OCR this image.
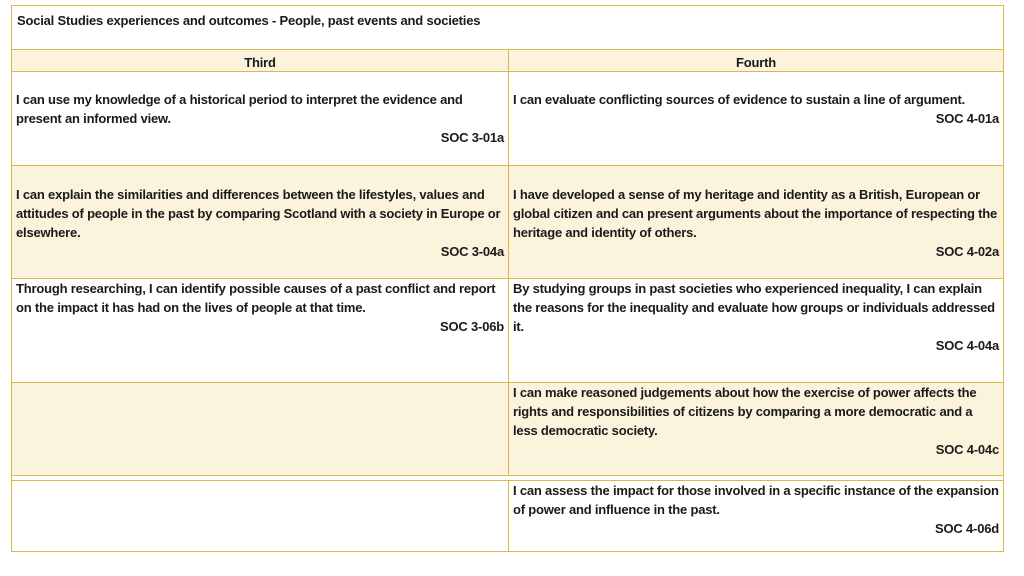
Social Studies experiences and outcomes - People, past events and societies
Third	Fourth
I can use my knowledge of a historical period to interpret the evidence and present an informed view.
SOC 3-01a
I can evaluate conflicting sources of evidence to sustain a line of argument.
SOC 4-01a
I can explain the similarities and differences between the lifestyles, values and attitudes of people in the past by comparing Scotland with a society in Europe or elsewhere.
SOC 3-04a
I have developed a sense of my heritage and identity as a British, European or global citizen and can present arguments about the importance of respecting the heritage and identity of others.
SOC 4-02a
Through researching, I can identify possible causes of a past conflict and report on the impact it has had on the lives of people at that time.
SOC 3-06b
By studying groups in past societies who experienced inequality, I can explain the reasons for the inequality and evaluate how groups or individuals addressed it.
SOC 4-04a
I can make reasoned judgements about how the exercise of power affects the rights and responsibilities of citizens by comparing a more democratic and a less democratic society.
SOC 4-04c
I can assess the impact for those involved in a specific instance of the expansion of power and influence in the past.
SOC 4-06d
